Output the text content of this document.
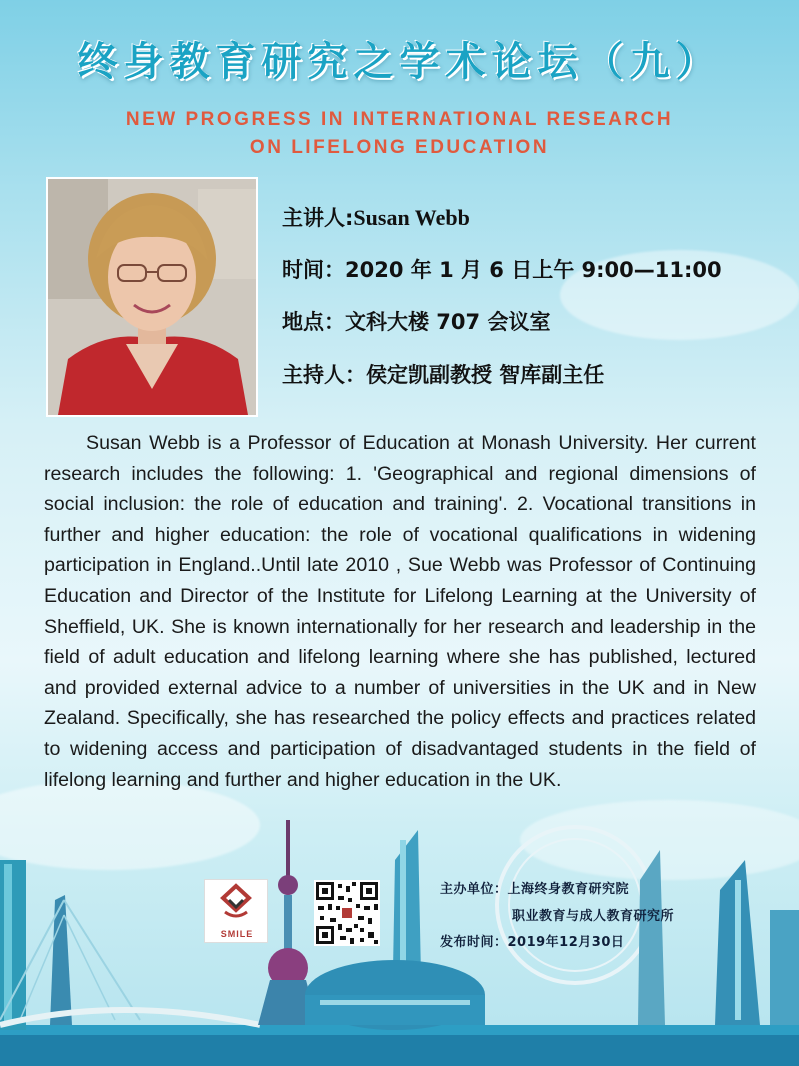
终身教育研究之学术论坛（九）
NEW PROGRESS IN INTERNATIONAL RESEARCH
ON LIFELONG EDUCATION
主讲人:Susan Webb
时间：2020 年 1 月 6 日上午 9:00—11:00
地点：文科大楼 707 会议室
主持人：侯定凯副教授 智库副主任

Susan Webb is a Professor of Education at Monash University. Her current research includes the following: 1. 'Geographical and regional dimensions of social inclusion: the role of education and training'. 2. Vocational transitions in further and higher education: the role of vocational qualifications in widening participation in England..Until late 2010 , Sue Webb was Professor of Continuing Education and Director of the Institute for Lifelong Learning at the University of Sheffield, UK. She is known internationally for her research and leadership in the field of adult education and lifelong learning where she has published, lectured and provided external advice to a number of universities in the UK and in New Zealand. Specifically, she has researched the policy effects and practices related to widening access and participation of disadvantaged students in the field of lifelong learning and further and higher education in the UK.

SMILE
主办单位：上海终身教育研究院
职业教育与成人教育研究所
发布时间：2019年12月30日
